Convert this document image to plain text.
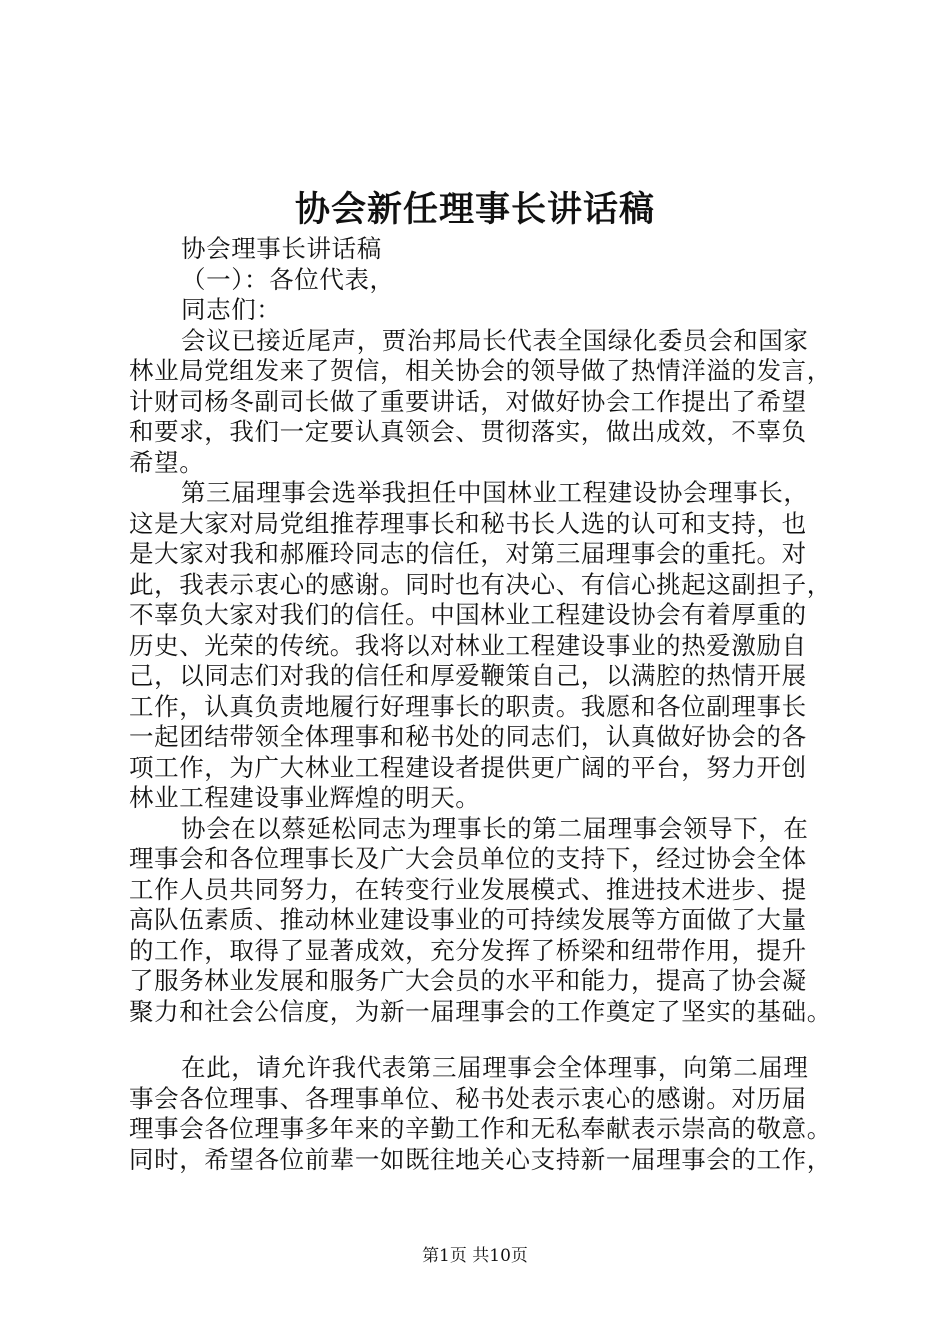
协会新任理事长讲话稿
协会理事长讲话稿
（一）：各位代表，
同志们：
会议已接近尾声，贾治邦局长代表全国绿化委员会和国家
林业局党组发来了贺信，相关协会的领导做了热情洋溢的发言，
计财司杨冬副司长做了重要讲话，对做好协会工作提出了希望
和要求，我们一定要认真领会、贯彻落实，做出成效，不辜负
希望。
第三届理事会选举我担任中国林业工程建设协会理事长，
这是大家对局党组推荐理事长和秘书长人选的认可和支持，也
是大家对我和郝雁玲同志的信任，对第三届理事会的重托。对
此，我表示衷心的感谢。同时也有决心、有信心挑起这副担子，
不辜负大家对我们的信任。中国林业工程建设协会有着厚重的
历史、光荣的传统。我将以对林业工程建设事业的热爱激励自
己，以同志们对我的信任和厚爱鞭策自己，以满腔的热情开展
工作，认真负责地履行好理事长的职责。我愿和各位副理事长
一起团结带领全体理事和秘书处的同志们，认真做好协会的各
项工作，为广大林业工程建设者提供更广阔的平台，努力开创
林业工程建设事业辉煌的明天。
协会在以蔡延松同志为理事长的第二届理事会领导下，在
理事会和各位理事长及广大会员单位的支持下，经过协会全体
工作人员共同努力，在转变行业发展模式、推进技术进步、提
高队伍素质、推动林业建设事业的可持续发展等方面做了大量
的工作，取得了显著成效，充分发挥了桥梁和纽带作用，提升
了服务林业发展和服务广大会员的水平和能力，提高了协会凝
聚力和社会公信度，为新一届理事会的工作奠定了坚实的基础。
在此，请允许我代表第三届理事会全体理事，向第二届理
事会各位理事、各理事单位、秘书处表示衷心的感谢。对历届
理事会各位理事多年来的辛勤工作和无私奉献表示崇高的敬意。
同时，希望各位前辈一如既往地关心支持新一届理事会的工作，
第1页 共10页
